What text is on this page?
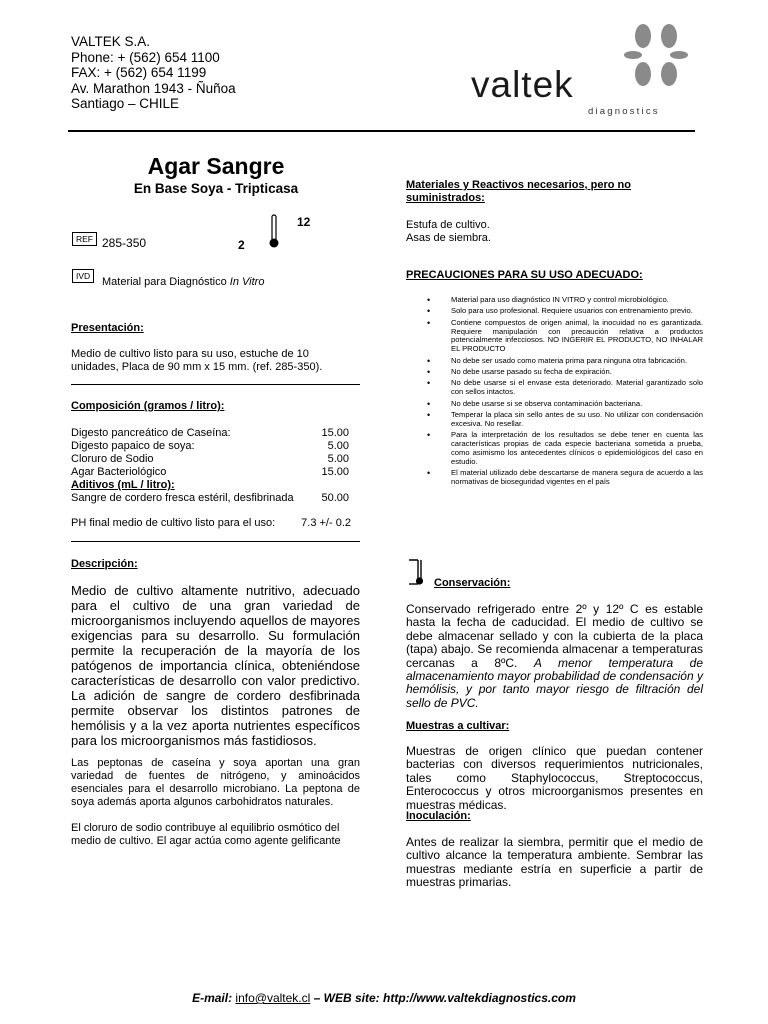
VALTEK S.A.
Phone: + (562) 654 1100
FAX: + (562) 654 1199
Av. Marathon 1943 - Ñuñoa
Santiago – CHILE	valtek
diagnostics
Agar Sangre
En Base Soya - Tripticasa
12
2
REF 285-350
IVD	Material para Diagnóstico In Vitro
Presentación:
Medio de cultivo listo para su uso, estuche de 10 unidades, Placa de 90 mm x 15 mm. (ref. 285-350).
Composición (gramos / litro):
Digesto pancreático de Caseína:	15.00
Digesto papaico de soya:	5.00
Cloruro de Sodio	5.00
Agar Bacteriológico	15.00
Aditivos (mL / litro):
Sangre de cordero fresca estéril, desfibrinada	50.00
PH final medio de cultivo listo para el uso: 7.3 +/- 0.2
Descripción:
Medio de cultivo altamente nutritivo, adecuado para el cultivo de una gran variedad de microorganismos incluyendo aquellos de mayores exigencias para su desarrollo. Su formulación permite la recuperación de la mayoría de los patógenos de importancia clínica, obteniéndose características de desarrollo con valor predictivo. La adición de sangre de cordero desfibrinada permite observar los distintos patrones de hemólisis y a la vez aporta nutrientes específicos para los microorganismos más fastidiosos.
Las peptonas de caseína y soya aportan una gran variedad de fuentes de nitrógeno, y aminoácidos esenciales para el desarrollo microbiano. La peptona de soya además aporta algunos carbohidratos naturales.
El cloruro de sodio contribuye al equilibrio osmótico del medio de cultivo. El agar actúa como agente gelificante
Materiales y Reactivos necesarios, pero no suministrados:
Estufa de cultivo.
Asas de siembra.
PRECAUCIONES PARA SU USO ADECUADO:
•	Material para uso diagnóstico IN VITRO y control microbiológico.
•	Solo para uso profesional. Requiere usuarios con entrenamiento previo.
•	Contiene compuestos de origen animal, la inocuidad no es garantizada. Requiere manipulación con precaución relativa a productos potencialmente infecciosos. NO INGERIR EL PRODUCTO, NO INHALAR EL PRODUCTO
•	No debe ser usado como materia prima para ninguna otra fabricación.
•	No debe usarse pasado su fecha de expiración.
•	No debe usarse si el envase esta deteriorado. Material garantizado solo con sellos intactos.
•	No debe usarse si se observa contaminación bacteriana.
•	Temperar la placa sin sello antes de su uso. No utilizar con condensación excesiva. No resellar.
•	Para la interpretación de los resultados se debe tener en cuenta las características propias de cada especie bacteriana sometida a prueba, como asimismo los antecedentes clínicos o epidemiológicos del caso en estudio.
•	El material utilizado debe descartarse de manera segura de acuerdo a las normativas de bioseguridad vigentes en el país
Conservación:
Conservado refrigerado entre 2º y 12º C es estable hasta la fecha de caducidad. El medio de cultivo se debe almacenar sellado y con la cubierta de la placa (tapa) abajo. Se recomienda almacenar a temperaturas cercanas a 8ºC. A menor temperatura de almacenamiento mayor probabilidad de condensación y hemólisis, y por tanto mayor riesgo de filtración del sello de PVC.
Muestras a cultivar:
Muestras de origen clínico que puedan contener bacterias con diversos requerimientos nutricionales, tales como Staphylococcus, Streptococcus, Enterococcus y otros microorganismos presentes en muestras médicas.
Inoculación:
Antes de realizar la siembra, permitir que el medio de cultivo alcance la temperatura ambiente. Sembrar las muestras mediante estría en superficie a partir de muestras primarias.
E-mail: info@valtek.cl – WEB site: http://www.valtekdiagnostics.com
